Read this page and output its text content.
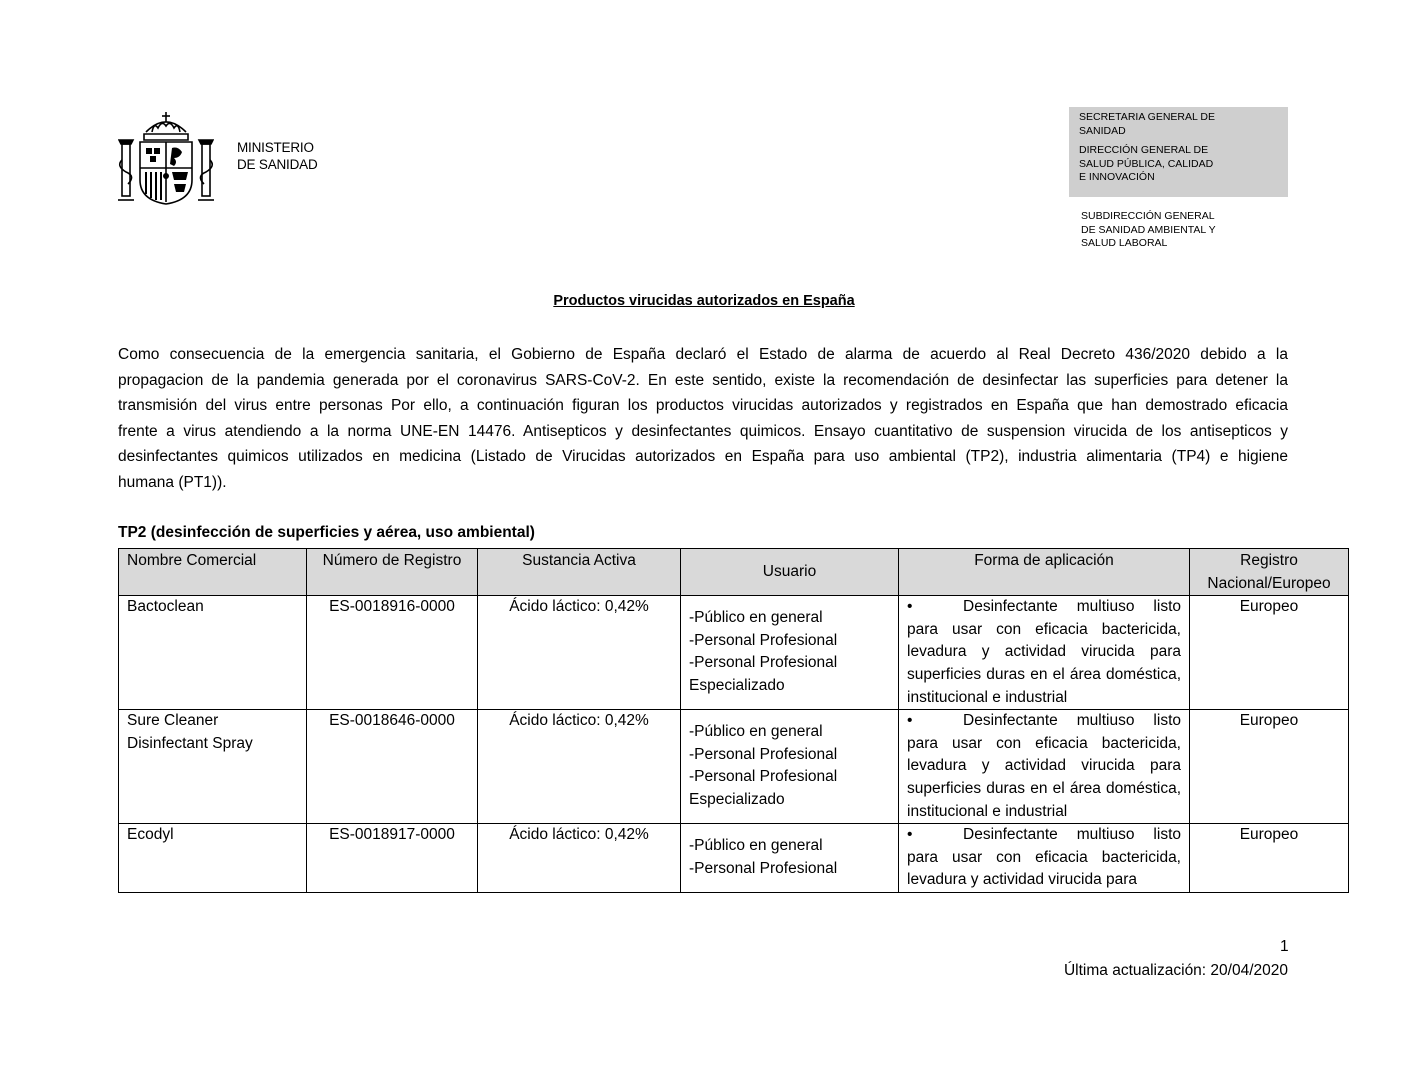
MINISTERIO
DE SANIDAD
SECRETARIA GENERAL DE
SANIDAD
DIRECCIÓN GENERAL DE
SALUD PÚBLICA, CALIDAD
E INNOVACIÓN
SUBDIRECCIÓN GENERAL
DE SANIDAD AMBIENTAL Y
SALUD LABORAL
Productos virucidas autorizados en España
Como consecuencia de la emergencia sanitaria, el Gobierno de España declaró el Estado de alarma de acuerdo al Real Decreto 436/2020 debido a la
propagacion de la pandemia generada por el coronavirus SARS-CoV-2. En este sentido, existe la recomendación de desinfectar las superficies para detener la
transmisión del virus entre personas Por ello, a continuación figuran los productos virucidas autorizados y registrados en España que han demostrado eficacia
frente a virus atendiendo a la norma UNE-EN 14476. Antisepticos y desinfectantes quimicos. Ensayo cuantitativo de suspension virucida de los antisepticos y
desinfectantes quimicos utilizados en medicina (Listado de Virucidas autorizados en España para uso ambiental (TP2), industria alimentaria (TP4) e higiene
humana (PT1)).
TP2 (desinfección de superficies y aérea, uso ambiental)
Nombre Comercial	Número de Registro	Sustancia Activa	Usuario	Forma de aplicación	Registro
Nacional/Europeo

Bactoclean	ES-0018916-0000	Ácido láctico: 0,42%	-Público en general
-Personal Profesional
-Personal Profesional
Especializado	• Desinfectante multiuso listo para usar con eficacia bactericida, levadura y actividad virucida para superficies duras en el área doméstica, institucional e industrial	Europeo

Sure Cleaner
Disinfectant Spray	ES-0018646-0000	Ácido láctico: 0,42%	-Público en general
-Personal Profesional
-Personal Profesional
Especializado	• Desinfectante multiuso listo para usar con eficacia bactericida, levadura y actividad virucida para superficies duras en el área doméstica, institucional e industrial	Europeo

Ecodyl	ES-0018917-0000	Ácido láctico: 0,42%	-Público en general
-Personal Profesional	• Desinfectante multiuso listo para usar con eficacia bactericida, levadura y actividad virucida para	Europeo
1
Última actualización: 20/04/2020
